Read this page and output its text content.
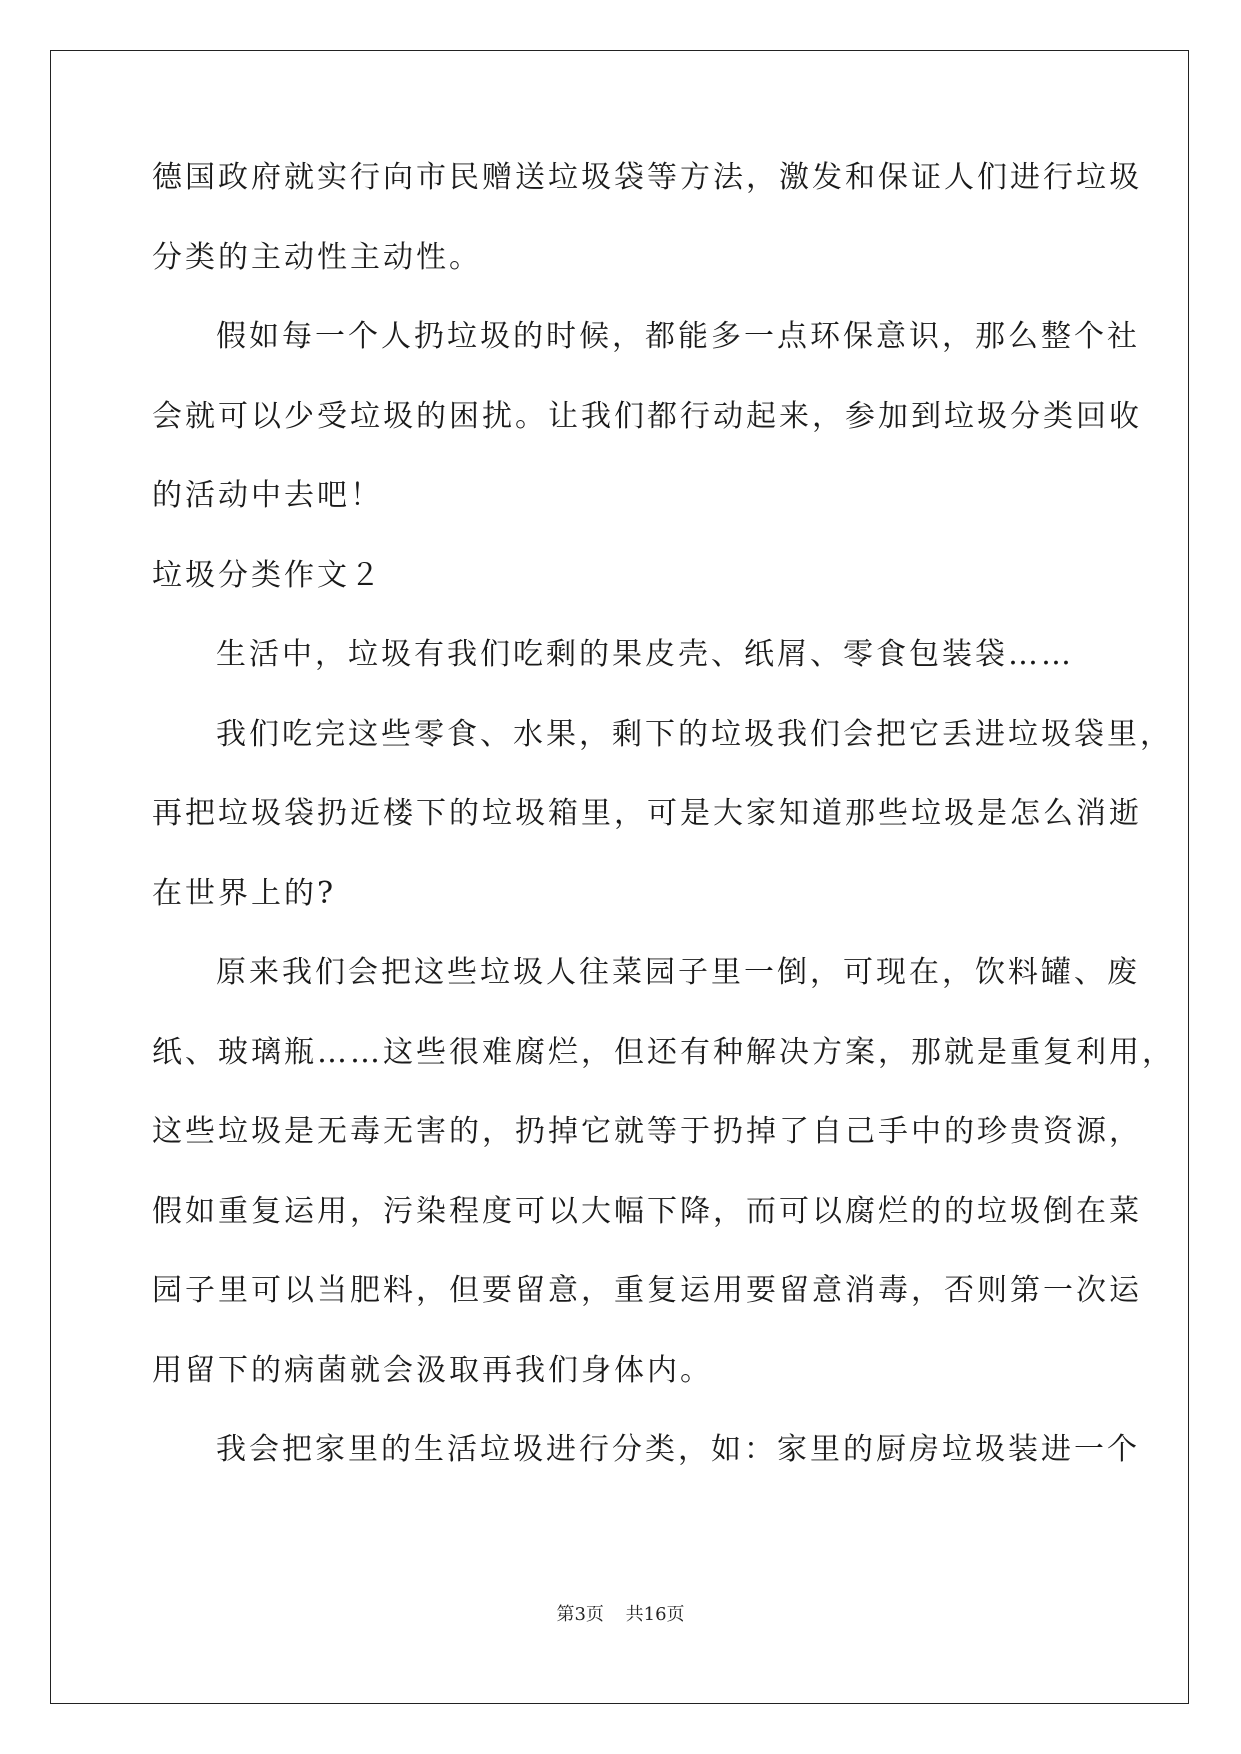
德国政府就实行向市民赠送垃圾袋等方法，激发和保证人们进行垃圾
分类的主动性主动性。
假如每一个人扔垃圾的时候，都能多一点环保意识，那么整个社
会就可以少受垃圾的困扰。让我们都行动起来，参加到垃圾分类回收
的活动中去吧！
垃圾分类作文２
生活中，垃圾有我们吃剩的果皮壳、纸屑、零食包装袋……
我们吃完这些零食、水果，剩下的垃圾我们会把它丢进垃圾袋里，
再把垃圾袋扔近楼下的垃圾箱里，可是大家知道那些垃圾是怎么消逝
在世界上的?
原来我们会把这些垃圾人往菜园子里一倒，可现在，饮料罐、废
纸、玻璃瓶……这些很难腐烂，但还有种解决方案，那就是重复利用，
这些垃圾是无毒无害的，扔掉它就等于扔掉了自己手中的珍贵资源，
假如重复运用，污染程度可以大幅下降，而可以腐烂的的垃圾倒在菜
园子里可以当肥料，但要留意，重复运用要留意消毒，否则第一次运
用留下的病菌就会汲取再我们身体内。
我会把家里的生活垃圾进行分类，如：家里的厨房垃圾装进一个
第3页 共16页
